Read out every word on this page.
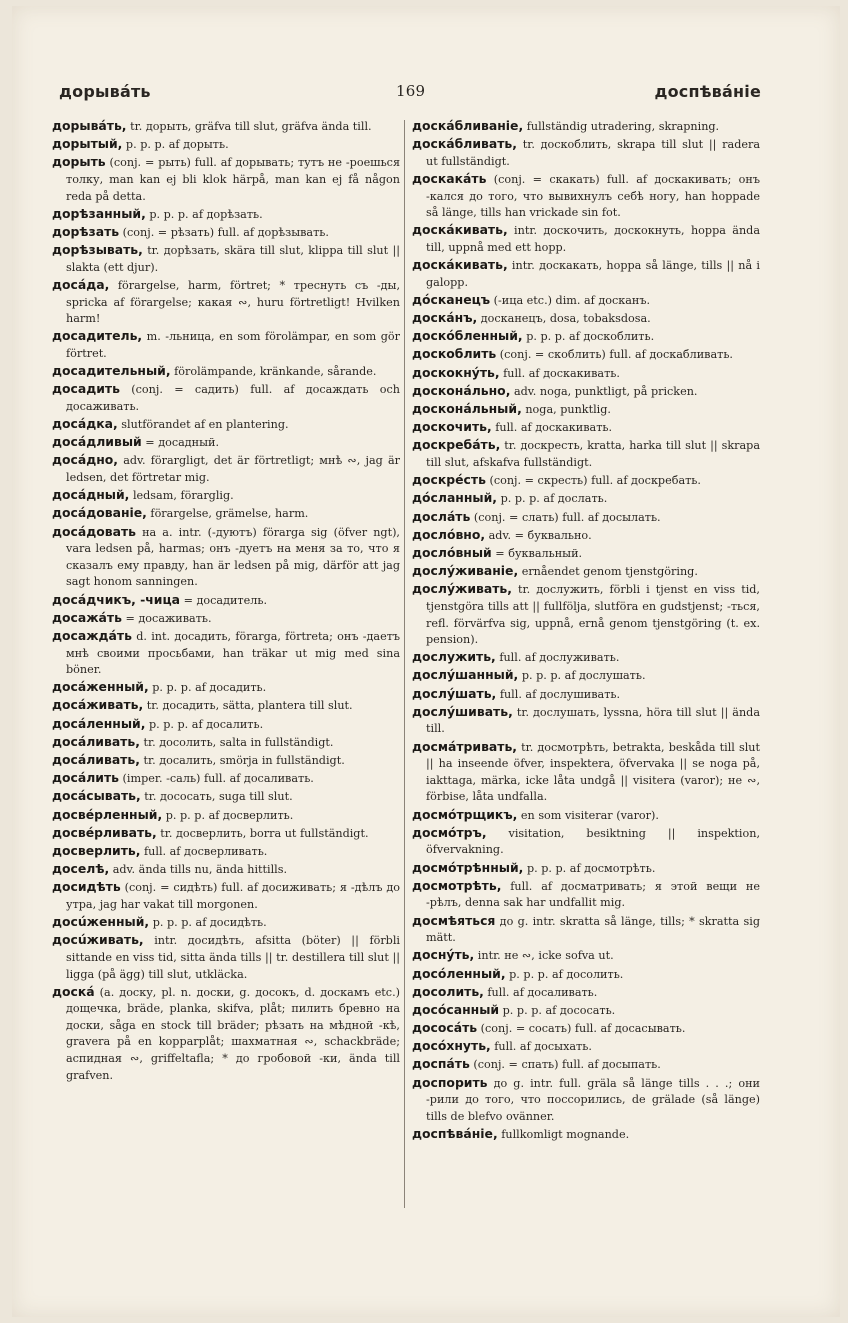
дорывáть	169	доспѣвáніе
дорывáть, tr. дорыть, gräfva till slut, gräfva ända till.
дорытый, p. p. p. af дорыть.
дорыть (conj. = рыть) full. af дорывать; тутъ не -роешься толку, man kan ej bli klok härpå, man kan ej få någon reda på detta.
дорѣзанный, p. p. p. af дорѣзать.
дорѣзать (conj. = рѣзать) full. af дорѣзывать.
дорѣзывать, tr. дорѣзать, skära till slut, klippa till slut || slakta (ett djur).
досáда, förargelse, harm, förtret; * треснуть съ -ды, spricka af förargelse; какая ∾, huru förtretligt! Hvilken harm!
досадитель, m. -льница, en som förolämpar, en som gör förtret.
досадительный, förolämpande, kränkande, sårande.
досадить (conj. = садить) full. af досаждать och досаживать.
досáдка, slutförandet af en plantering.
досáдливый = досадный.
досáдно, adv. förargligt, det är förtretligt; мнѣ ∾, jag är ledsen, det förtretar mig.
досáдный, ledsam, förarglig.
досáдованіе, förargelse, grämelse, harm.
досáдовать на a. intr. (-дуютъ) förarga sig (öfver ngt), vara ledsen på, harmas; онъ -дуетъ на меня за то, что я сказалъ ему правду, han är ledsen på mig, därför att jag sagt honom sanningen.
досáдчикъ, -чица = досадитель.
досажáть = досаживать.
досаждáть d. int. досадить, förarga, förtreta; онъ -даетъ мнѣ своими просьбами, han träkar ut mig med sina böner.
досáженный, p. p. p. af досадить.
досáживать, tr. досадить, sätta, plantera till slut.
досáленный, p. p. p. af досалить.
досáливать, tr. досолить, salta in fullständigt.
досáливать, tr. досалить, smörja in fullständigt.
досáлить (imper. -саль) full. af досаливать.
досáсывать, tr. дососать, suga till slut.
досвéрленный, p. p. p. af досверлить.
досвéрливать, tr. досверлить, borra ut fullständigt.
досверлить, full. af досверливать.
доселѣ, adv. ända tills nu, ända hittills.
досидѣть (conj. = сидѣть) full. af досиживать; я -дѣлъ до утра, jag har vakat till morgonen.
досúженный, p. p. p. af досидѣть.
досúживать, intr. досидѣть, afsitta (böter) || förbli sittande en viss tid, sitta ända tills || tr. destillera till slut || ligga (på ägg) till slut, utkläcka.
доскá (a. доску, pl. n. доски, g. досокъ, d. доскамъ etc.) дощечка, bräde, planka, skifva, plåt; пилить бревно на доски, såga en stock till bräder; рѣзать на мѣдной -кѣ, gravera på en kopparplåt; шахматная ∾, schackbräde; аспидная ∾, griffeltafla; * до гробовой -ки, ända till grafven.
доскáбливаніе, fullständig utradering, skrapning.
доскáбливать, tr. доскоблить, skrapa till slut || radera ut fullständigt.
доскакáть (conj. = скакать) full. af доскакивать; онъ -кался до того, что вывихнулъ себѣ ногу, han hoppade så länge, tills han vrickade sin fot.
доскáкивать, intr. доскочить, доскокнуть, hoppa ända till, uppnå med ett hopp.
доскáкивать, intr. доскакать, hoppa så länge, tills || nå i galopp.
дóсканецъ (-ица etc.) dim. af досканъ.
доскáнъ, досканецъ, dosa, tobaksdosa.
доскóбленный, p. p. p. af доскоблить.
доскоблить (conj. = скоблить) full. af доскабливать.
доскокнýть, full. af доскакивать.
досконáльно, adv. noga, punktligt, på pricken.
досконáльный, noga, punktlig.
доскочить, full. af доскакивать.
доскребáть, tr. доскресть, kratta, harka till slut || skrapa till slut, afskafva fullständigt.
доскрéсть (conj. = скресть) full. af доскребать.
дóсланный, p. p. p. af дослать.
дослáть (conj. = слать) full. af досылать.
дослóвно, adv. = буквально.
дослóвный = буквальный.
дослýживаніе, ernåendet genom tjenstgöring.
дослýживать, tr. дослужить, förbli i tjenst en viss tid, tjenstgöra tills att || fullfölja, slutföra en gudstjenst; -ться, refl. förvärfva sig, uppnå, ernå genom tjenstgöring (t. ex. pension).
дослужить, full. af дослуживать.
дослýшанный, p. p. p. af дослушать.
дослýшать, full. af дослушивать.
дослýшивать, tr. дослушать, lyssna, höra till slut || ända till.
досмáтривать, tr. досмотрѣть, betrakta, beskåda till slut || ha inseende öfver, inspektera, öfvervaka || se noga på, iakttaga, märka, icke låta undgå || visitera (varor); не ∾, förbise, låta undfalla.
досмóтрщикъ, en som visiterar (varor).
досмóтръ, visitation, besiktning || inspektion, öfvervakning.
досмóтрѣнный, p. p. p. af досмотрѣть.
досмотрѣть, full. af досматривать; я этой вещи не -рѣлъ, denna sak har undfallit mig.
досмѣяться до g. intr. skratta så länge, tills; * skratta sig mätt.
доснýть, intr. не ∾, icke sofva ut.
досóленный, p. p. p. af досолить.
досолить, full. af досаливать.
досóсанный p. p. p. af дососать.
дососáть (conj. = сосать) full. af досасывать.
досóхнуть, full. af досыхать.
доспáть (conj. = спать) full. af досыпать.
доспорить до g. intr. full. gräla så länge tills . . .; они -рили до того, что поссорились, de grälade (så länge) tills de blefvo ovänner.
доспѣвáніе, fullkomligt mognande.
